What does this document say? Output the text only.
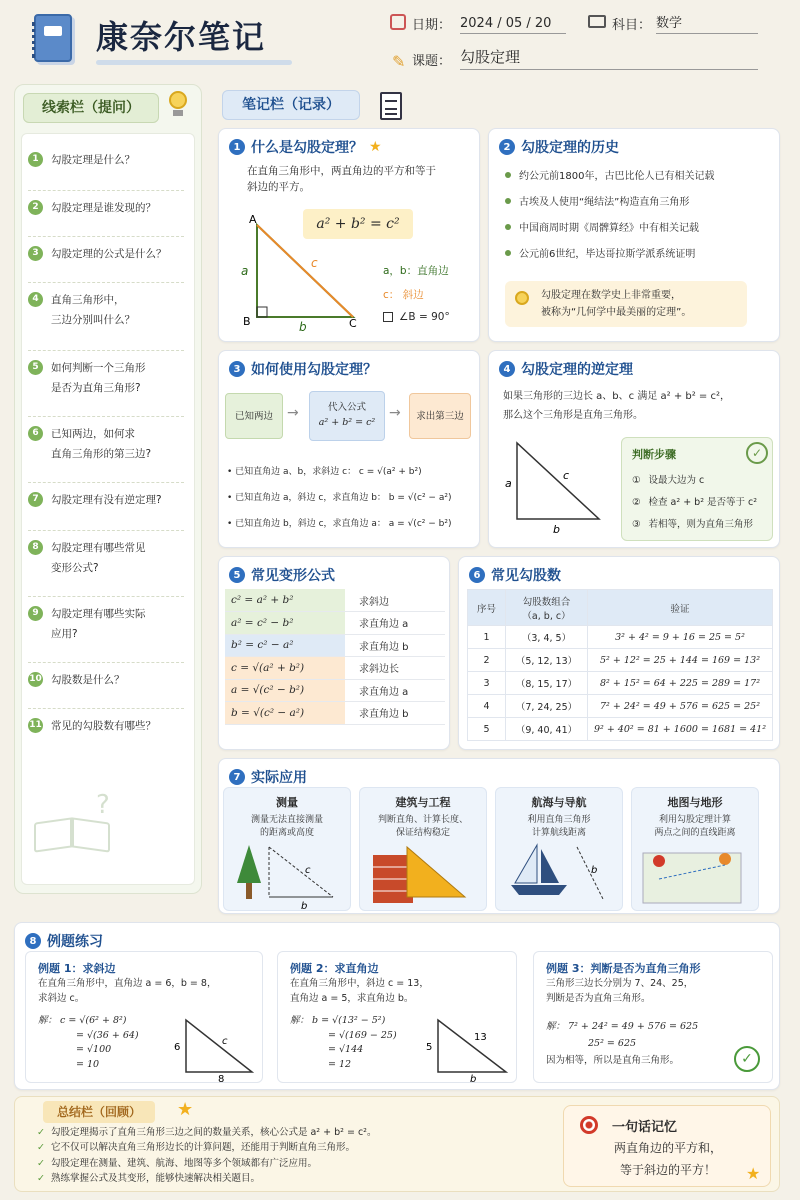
康奈尔笔记	日期： 2024 / 05 / 20	科目： 数学
✎ 课题： 勾股定理
线索栏（提问）
1	勾股定理是什么？
2	勾股定理是谁发现的？
3	勾股定理的公式是什么？
4	直角三角形中，
三边分别叫什么？
5	如何判断一个三角形
是否为直角三角形?
6	已知两边，如何求
直角三角形的第三边?
7	勾股定理有没有逆定理?
8	勾股定理有哪些常见
变形公式?
9	勾股定理有哪些实际
应用?
10 勾股数是什么？
11 常见的勾股数有哪些？
?
笔记栏（记录）
1 什么是勾股定理？ ★
在直角三角形中，两直角边的平方和等于
斜边的平方。
a² + b² = c²
A
B	C
a
b
c
a，b：直角边
c： 斜边
∠B = 90°
2 勾股定理的历史
约公元前1800年，古巴比伦人已有相关记载
古埃及人使用“绳结法”构造直角三角形
中国商周时期《周髀算经》中有相关记载
公元前6世纪，毕达哥拉斯学派系统证明
勾股定理在数学史上非常重要，
被称为“几何学中最美丽的定理”。
3 如何使用勾股定理？
已知两边	→	代入公式
a² + b² = c²
→	求出第三边
• 已知直角边 a、b，求斜边 c： c = √(a² + b²)
• 已知直角边 a，斜边 c，求直角边 b： b = √(c² − a²)
• 已知直角边 b，斜边 c，求直角边 a： a = √(c² − b²)
4 勾股定理的逆定理
如果三角形的三边长 a、b、c 满足 a² + b² = c²，
那么这个三角形是直角三角形。
a
b
c
判断步骤	✓
① 设最大边为 c
② 检查 a² + b² 是否等于 c²
③ 若相等，则为直角三角形
5 常见变形公式
c² = a² + b²	求斜边
a² = c² − b²	求直角边 a
b² = c² − a²	求直角边 b
c = √(a² + b²)	求斜边长
a = √(c² − b²)	求直角边 a
b = √(c² − a²)	求直角边 b
6 常见勾股数
序号	勾股数组合
（a, b, c）	验证
1	（3, 4, 5）	3² + 4² = 9 + 16 = 25 = 5²
2	（5, 12, 13）	5² + 12² = 25 + 144 = 169 = 13²
3	（8, 15, 17）	8² + 15² = 64 + 225 = 289 = 17²
4	（7, 24, 25）	7² + 24² = 49 + 576 = 625 = 25²
5	（9, 40, 41）	9² + 40² = 81 + 1600 = 1681 = 41²
7 实际应用
测量
测量无法直接测量
的距离或高度
建筑与工程
判断直角、计算长度、
保证结构稳定
航海与导航
利用直角三角形
计算航线距离
地图与地形
利用勾股定理计算
两点之间的直线距离
c
b
b
8 例题练习
例题 1：求斜边
在直角三角形中，直角边 a = 6，b = 8，
求斜边 c。
解： c = √(6² + 8²)
= √(36 + 64)
= √100
= 10
6
8
c
例题 2：求直角边
在直角三角形中，斜边 c = 13，
直角边 a = 5，求直角边 b。
解： b = √(13² − 5²)
= √(169 − 25)
= √144
= 12
5
b
13
例题 3：判断是否为直角三角形
三角形三边长分别为 7、24、25，
判断是否为直角三角形。
解： 7² + 24² = 49 + 576 = 625
25² = 625
因为相等，所以是直角三角形。	✓
总结栏（回顾）	★
✓ 勾股定理揭示了直角三角形三边之间的数量关系，核心公式是 a² + b² = c²。
✓ 它不仅可以解决直角三角形边长的计算问题，还能用于判断直角三角形。
✓ 勾股定理在测量、建筑、航海、地图等多个领域都有广泛应用。
✓ 熟练掌握公式及其变形，能够快速解决相关题目。
一句话记忆
两直角边的平方和，
等于斜边的平方！	★
